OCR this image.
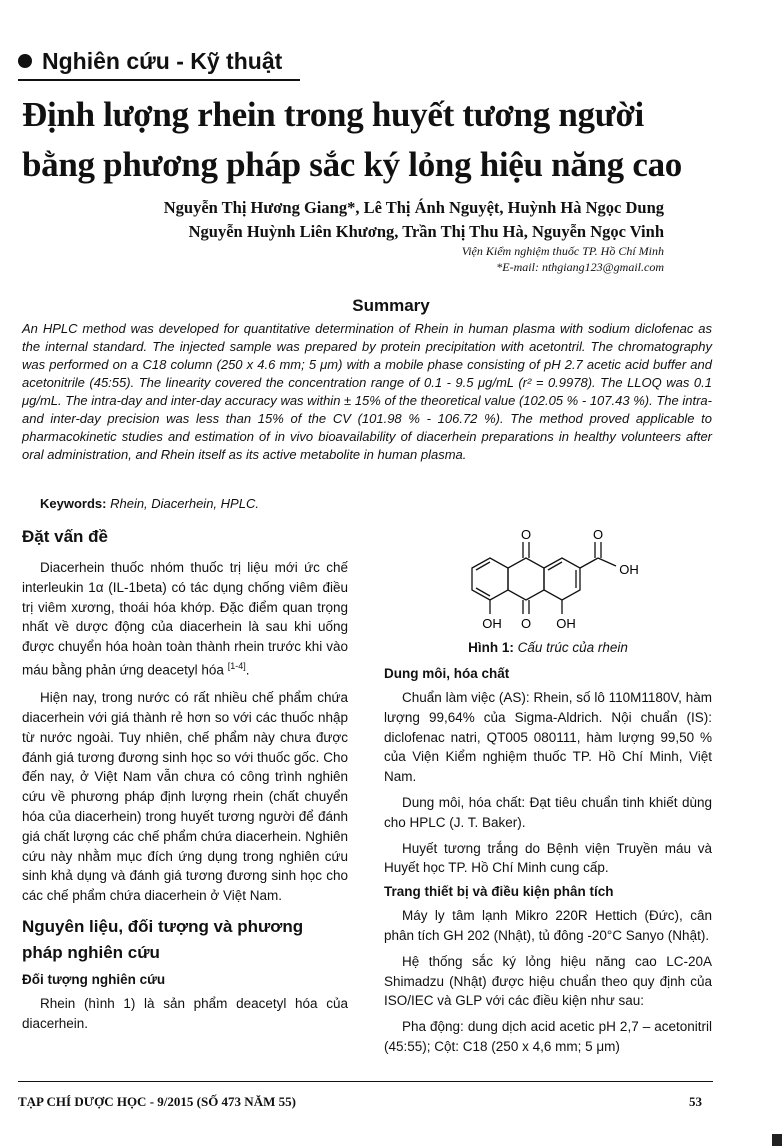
Nghiên cứu - Kỹ thuật
Định lượng rhein trong huyết tương người
bằng phương pháp sắc ký lỏng hiệu năng cao
Nguyễn Thị Hương Giang*, Lê Thị Ánh Nguyệt, Huỳnh Hà Ngọc Dung
Nguyễn Huỳnh Liên Khương, Trần Thị Thu Hà, Nguyễn Ngọc Vinh
Viện Kiểm nghiệm thuốc TP. Hồ Chí Minh
*E-mail: nthgiang123@gmail.com
Summary
An HPLC method was developed for quantitative determination of Rhein in human plasma with sodium diclofenac as the internal standard. The injected sample was prepared by protein precipitation with acetontril. The chromatography was performed on a C18 column (250 x 4.6 mm; 5 μm) with a mobile phase consisting of pH 2.7 acetic acid buffer and acetonitrile (45:55). The linearity covered the concentration range of 0.1 - 9.5 μg/mL (r² = 0.9978). The LLOQ was 0.1 μg/mL. The intra-day and inter-day accuracy was within ± 15% of the theoretical value (102.05 % - 107.43 %). The intra- and inter-day precision was less than 15% of the CV (101.98 % - 106.72 %). The method proved applicable to pharmacokinetic studies and estimation of in vivo bioavailability of diacerhein preparations in healthy volunteers after oral administration, and Rhein itself as its active metabolite in human plasma.
Keywords: Rhein, Diacerhein, HPLC.
Đặt vấn đề

Diacerhein thuốc nhóm thuốc trị liệu mới ức chế interleukin 1α (IL-1beta) có tác dụng chống viêm điều trị viêm xương, thoái hóa khớp. Đặc điểm quan trọng nhất về dược động của diacerhein là sau khi uống được chuyển hóa hoàn toàn thành rhein trước khi vào máu bằng phản ứng deacetyl hóa [1-4].

Hiện nay, trong nước có rất nhiều chế phẩm chứa diacerhein với giá thành rẻ hơn so với các thuốc nhập từ nước ngoài. Tuy nhiên, chế phẩm này chưa được đánh giá tương đương sinh học so với thuốc gốc. Cho đến nay, ở Việt Nam vẫn chưa có công trình nghiên cứu về phương pháp định lượng rhein (chất chuyển hóa của diacerhein) trong huyết tương người để đánh giá chất lượng các chế phẩm chứa diacerhein. Nghiên cứu này nhằm mục đích ứng dụng trong nghiên cứu sinh khả dụng và đánh giá tương đương sinh học cho các chế phẩm chứa diacerhein ở Việt Nam.

Nguyên liệu, đối tượng và phương pháp nghiên cứu
Đối tượng nghiên cứu

Rhein (hình 1) là sản phẩm deacetyl hóa của diacerhein.

O	O
OH
OH O OH
Hình 1: Cấu trúc của rhein
Dung môi, hóa chất

Chuẩn làm việc (AS): Rhein, số lô 110M1180V, hàm lượng 99,64% của Sigma-Aldrich. Nội chuẩn (IS): diclofenac natri, QT005 080111, hàm lượng 99,50 % của Viện Kiểm nghiệm thuốc TP. Hồ Chí Minh, Việt Nam.

Dung môi, hóa chất: Đạt tiêu chuẩn tinh khiết dùng cho HPLC (J. T. Baker).

Huyết tương trắng do Bệnh viện Truyền máu và Huyết học TP. Hồ Chí Minh cung cấp.

Trang thiết bị và điều kiện phân tích

Máy ly tâm lạnh Mikro 220R Hettich (Đức), cân phân tích GH 202 (Nhật), tủ đông -20°C Sanyo (Nhật).

Hệ thống sắc ký lỏng hiệu năng cao LC-20A Shimadzu (Nhật) được hiệu chuẩn theo quy định của ISO/IEC và GLP với các điều kiện như sau:

Pha động: dung dịch acid acetic pH 2,7 – acetonitril (45:55); Cột: C18 (250 x 4,6 mm; 5 μm)

TẠP CHÍ DƯỢC HỌC - 9/2015 (SỐ 473 NĂM 55)	53
